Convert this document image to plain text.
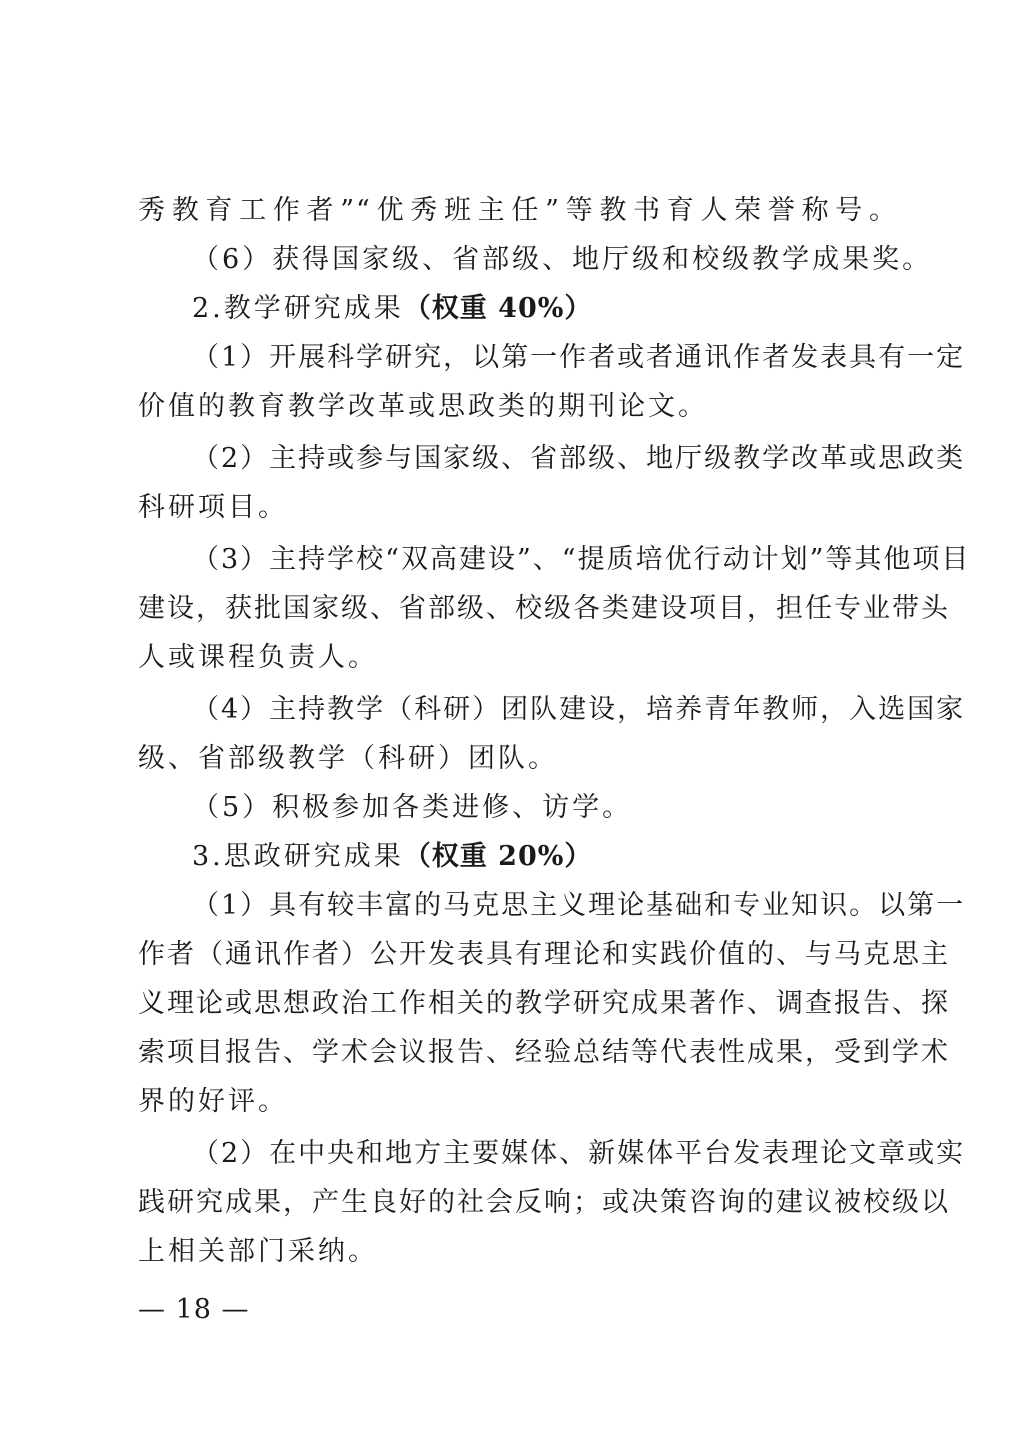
秀教育工作者”“优秀班主任”等教书育人荣誉称号。
（6）获得国家级、省部级、地厅级和校级教学成果奖。
2.教学研究成果（权重 40%）
（1）开展科学研究，以第一作者或者通讯作者发表具有一定
价值的教育教学改革或思政类的期刊论文。
（2）主持或参与国家级、省部级、地厅级教学改革或思政类
科研项目。
（3）主持学校“双高建设”、“提质培优行动计划”等其他项目
建设，获批国家级、省部级、校级各类建设项目，担任专业带头
人或课程负责人。
（4）主持教学（科研）团队建设，培养青年教师，入选国家
级、省部级教学（科研）团队。
（5）积极参加各类进修、访学。
3.思政研究成果（权重 20%）
（1）具有较丰富的马克思主义理论基础和专业知识。以第一
作者（通讯作者）公开发表具有理论和实践价值的、与马克思主
义理论或思想政治工作相关的教学研究成果著作、调查报告、探
索项目报告、学术会议报告、经验总结等代表性成果，受到学术
界的好评。
（2）在中央和地方主要媒体、新媒体平台发表理论文章或实
践研究成果，产生良好的社会反响；或决策咨询的建议被校级以
上相关部门采纳。
— 18 —
